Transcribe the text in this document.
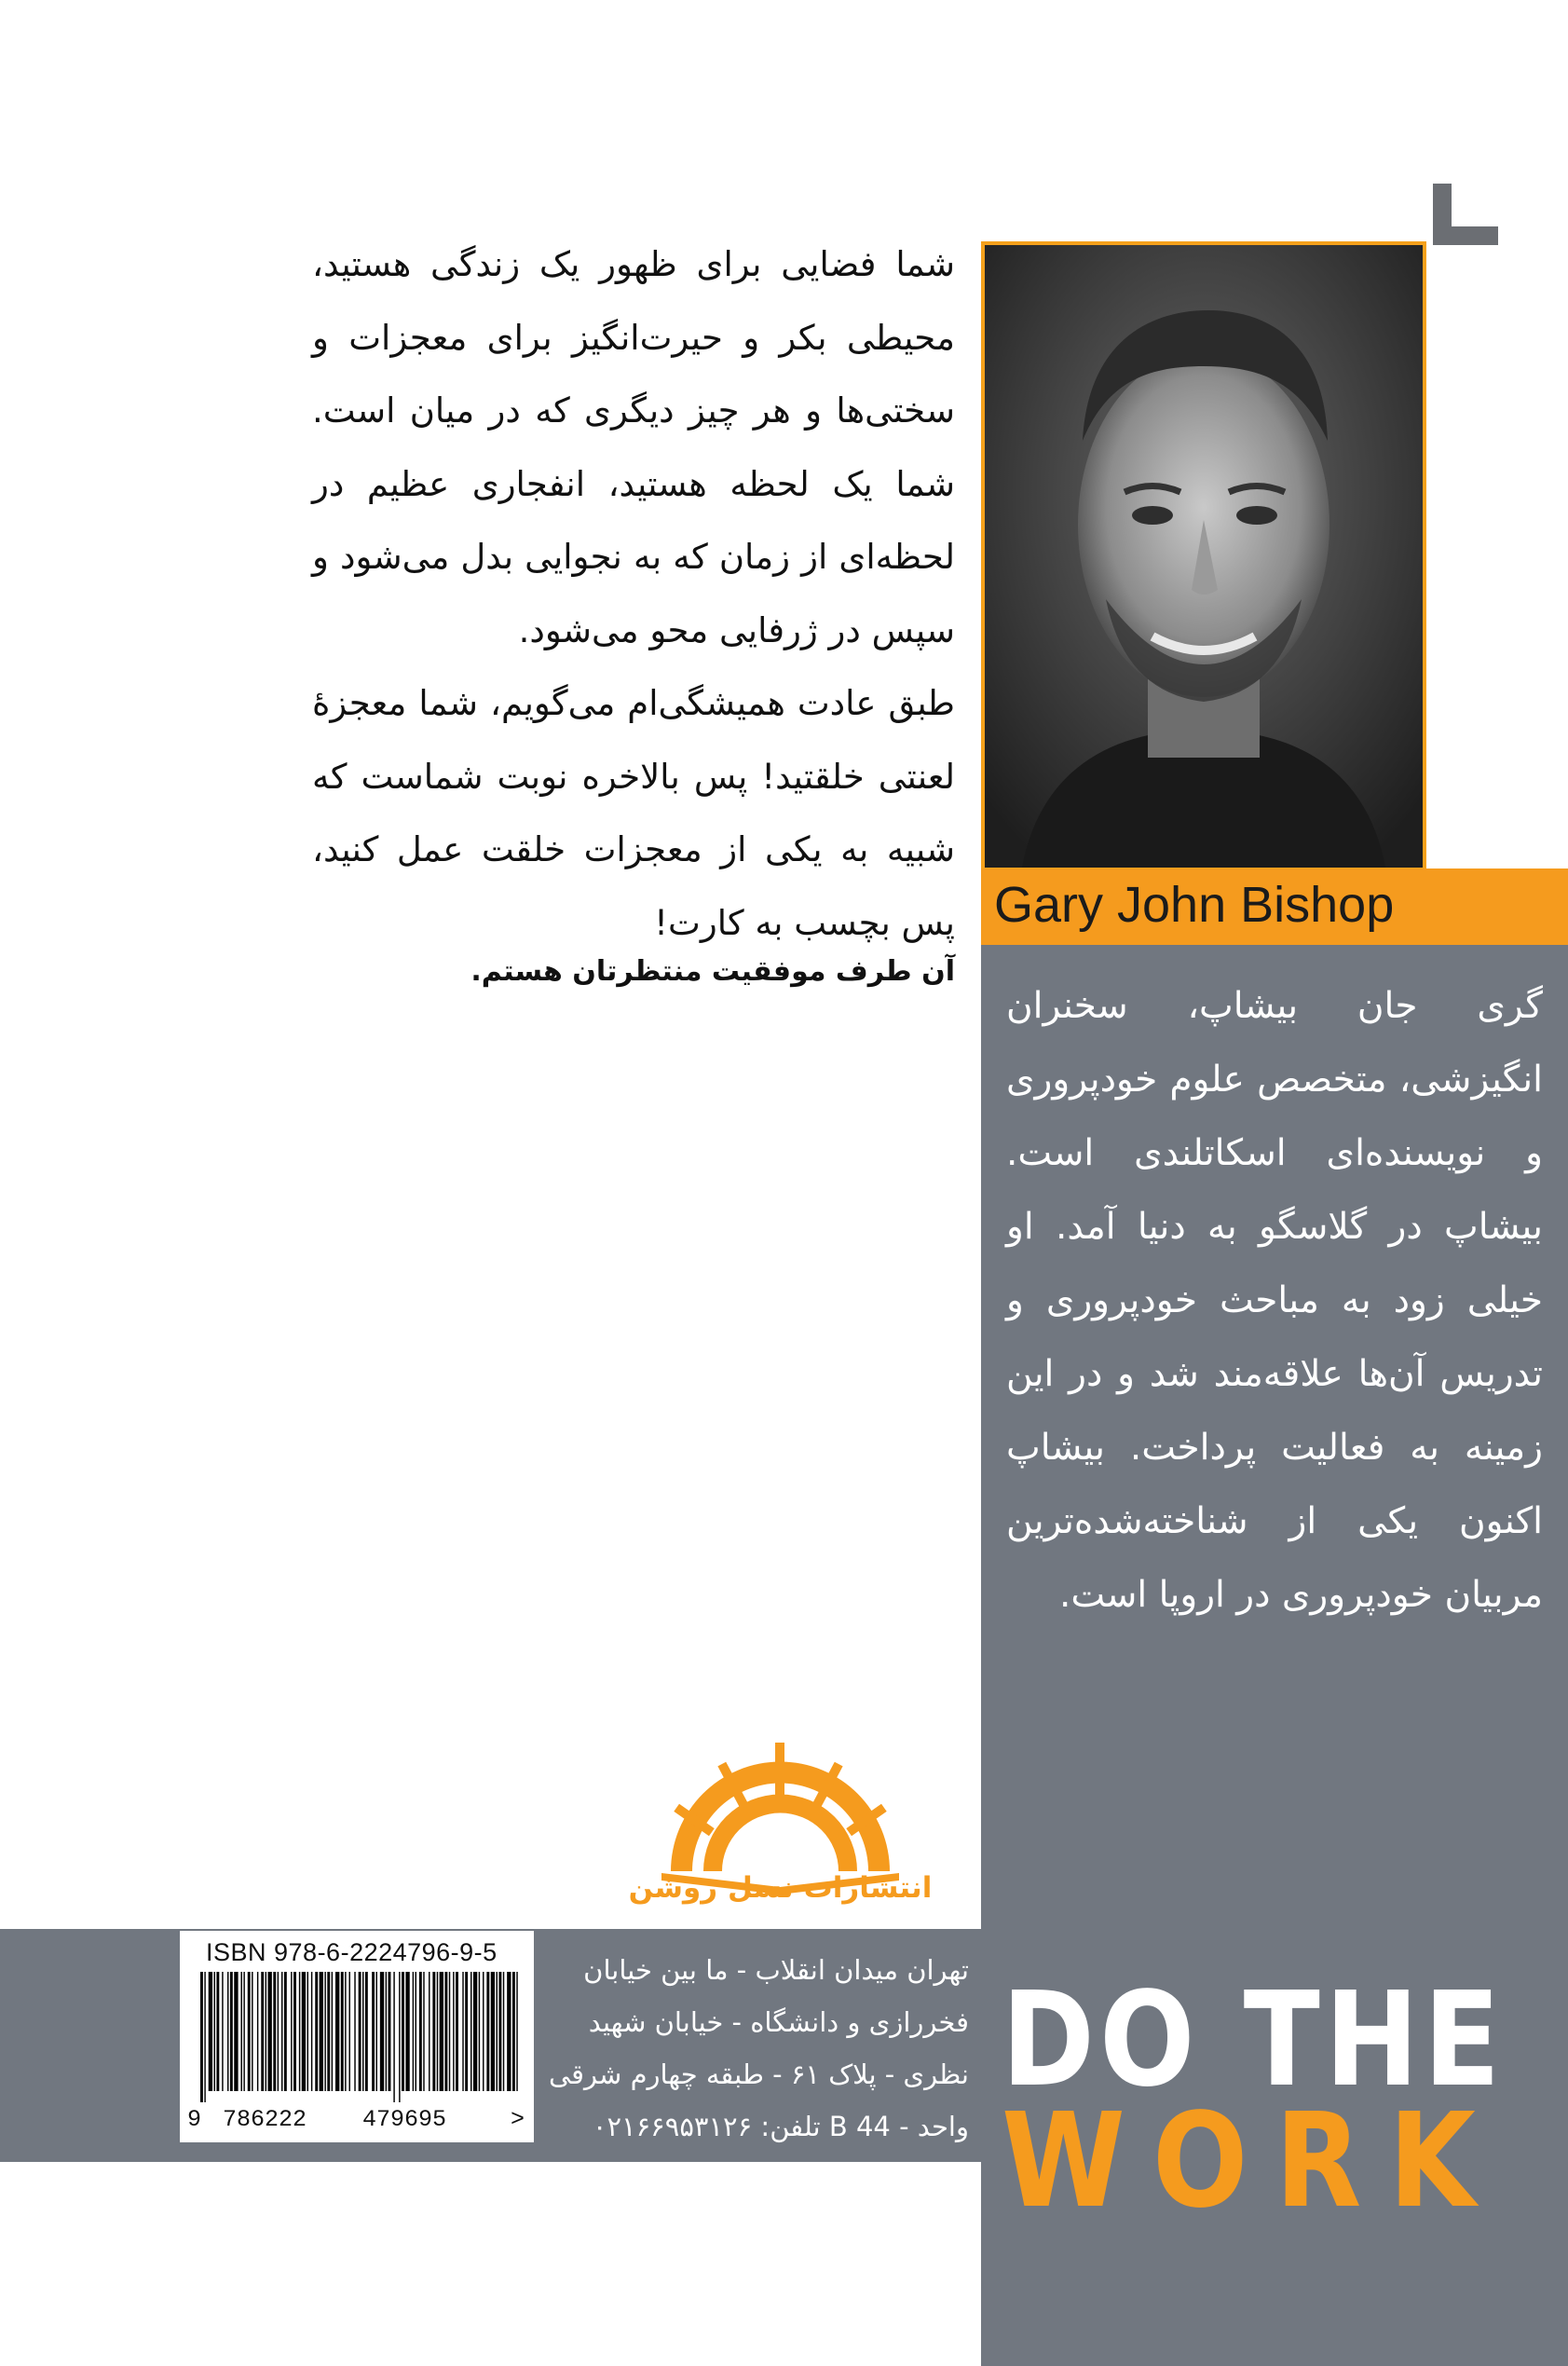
شما فضایی برای ظهور یک زندگی هستید، محیطی بکر و حیرت‌انگیز برای معجزات و سختی‌ها و هر چیز دیگری که در میان است. شما یک لحظه هستید، انفجاری عظیم در لحظه‌ای از زمان که به نجوایی بدل می‌شود و سپس در ژرفایی محو می‌شود.

طبق عادت همیشگی‌ام می‌گویم، شما معجزۀ لعنتی خلقتید! پس بالاخره نوبت شماست که شبیه به یکی از معجزات خلقت عمل کنید، پس بچسب به کارت!

آن طرف موفقیت منتظرتان هستم.
Gary John Bishop
گری جان بیشاپ، سخنران انگیزشی، متخصص علوم خودپروری و نویسنده‌ای اسکاتلندی است. بیشاپ در گلاسگو به دنیا آمد. او خیلی زود به مباحث خودپروری و تدریس آن‌ها علاقه‌مند شد و در این زمینه به فعالیت پرداخت. بیشاپ اکنون یکی از شناخته‌شده‌ترین مربیان خودپروری در اروپا است.
انتشارات نسل روشن

تهران میدان انقلاب - ما بین خیابان

فخررازی و دانشگاه - خیابان شهید

نظری - پلاک ۶۱ - طبقه چهارم شرقی

واحد - 44 B تلفن: ۰۲۱۶۶۹۵۳۱۲۶

ISBN 978-6-2224796-9-5
9 786222 479695	>
DO THE
WORK
